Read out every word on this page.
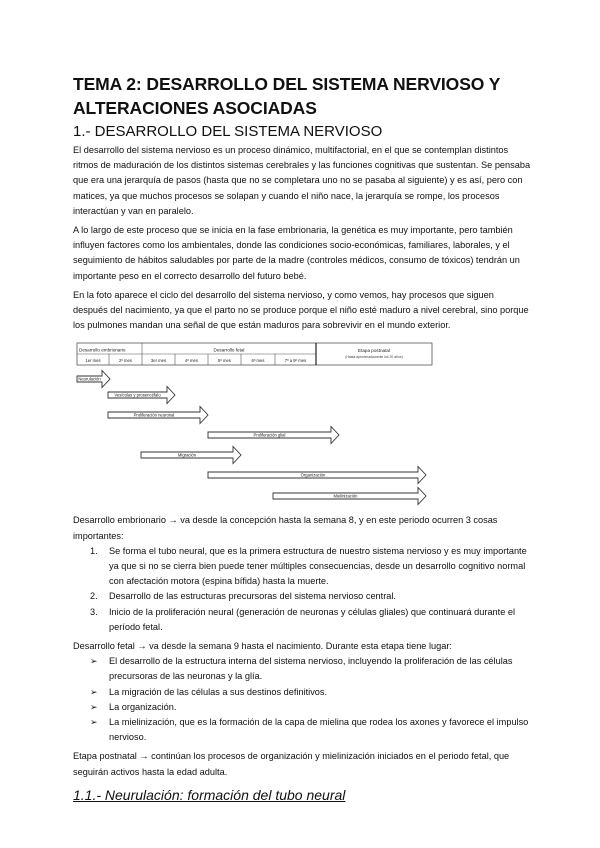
TEMA 2: DESARROLLO DEL SISTEMA NERVIOSO Y ALTERACIONES ASOCIADAS
1.- DESARROLLO DEL SISTEMA NERVIOSO

El desarrollo del sistema nervioso es un proceso dinámico, multifactorial, en el que se contemplan distintos ritmos de maduración de los distintos sistemas cerebrales y las funciones cognitivas que sustentan. Se pensaba que era una jerarquía de pasos (hasta que no se completara uno no se pasaba al siguiente) y es así, pero con matices, ya que muchos procesos se solapan y cuando el niño nace, la jerarquía se rompe, los procesos interactúan y van en paralelo.

A lo largo de este proceso que se inicia en la fase embrionaria, la genética es muy importante, pero también influyen factores como los ambientales, donde las condiciones socio-económicas, familiares, laborales, y el seguimiento de hábitos saludables por parte de la madre (controles médicos, consumo de tóxicos) tendrán un importante peso en el correcto desarrollo del futuro bebé.

En la foto aparece el ciclo del desarrollo del sistema nervioso, y como vemos, hay procesos que siguen después del nacimiento, ya que el parto no se produce porque el niño esté maduro a nivel cerebral, sino porque los pulmones mandan una señal de que están maduros para sobrevivir en el mundo exterior.

Desarrollo embrionario	Desarrollo fetal	Etapa postnatal
(Hasta aproximadamente los 20 años)
1er mes	2º mes	3er mes	4º mes	5º mes	6º mes	7º a 9º mes
Neurulación
Vesículas y prosencéfalo
Proliferación neuronal
Proliferación glial
Migración
Organización
Mielinización

Desarrollo embrionario → va desde la concepción hasta la semana 8, y en este periodo ocurren 3 cosas importantes:

1. Se forma el tubo neural, que es la primera estructura de nuestro sistema nervioso y es muy importante ya que si no se cierra bien puede tener múltiples consecuencias, desde un desarrollo cognitivo normal con afectación motora (espina bífida) hasta la muerte.
2. Desarrollo de las estructuras precursoras del sistema nervioso central.
3. Inicio de la proliferación neural (generación de neuronas y células gliales) que continuará durante el período fetal.

Desarrollo fetal → va desde la semana 9 hasta el nacimiento. Durante esta etapa tiene lugar:

➢ El desarrollo de la estructura interna del sistema nervioso, incluyendo la proliferación de las células precursoras de las neuronas y la glía.
➢ La migración de las células a sus destinos definitivos.
➢ La organización.
➢ La mielinización, que es la formación de la capa de mielina que rodea los axones y favorece el impulso nervioso.

Etapa postnatal → continúan los procesos de organización y mielinización iniciados en el periodo fetal, que seguirán activos hasta la edad adulta.

1.1.- Neurulación: formación del tubo neural
